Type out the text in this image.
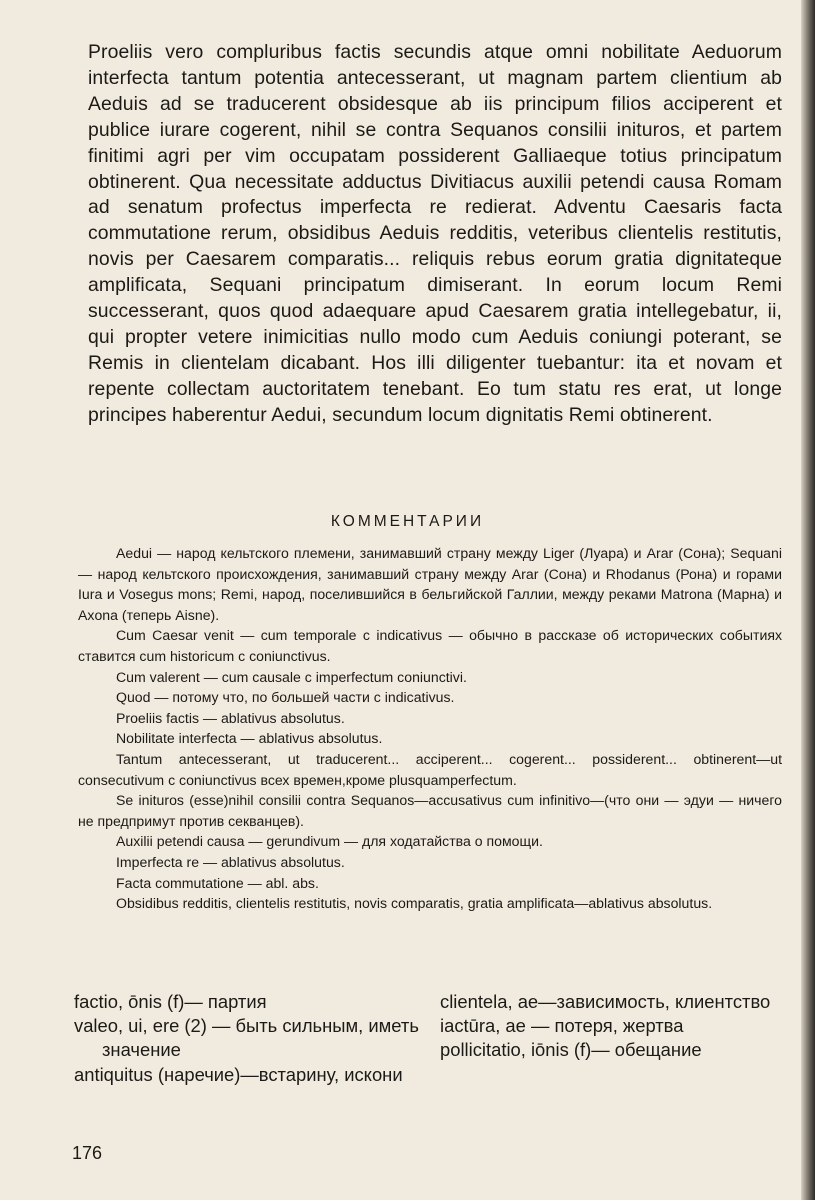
Proeliis vero compluribus factis secundis atque omni nobilitate Aeduorum interfecta tantum potentia antecesserant, ut magnam partem clientium ab Aeduis ad se traducerent obsidesque ab iis principum filios acciperent et publice iurare cogerent, nihil se contra Sequanos consilii inituros, et partem finitimi agri per vim occupatam possiderent Galliaeque totius principatum obtinerent. Qua necessitate adductus Divitiacus auxilii petendi causa Romam ad senatum profectus imperfecta re redierat. Adventu Caesaris facta commutatione rerum, obsidibus Aeduis redditis, veteribus clientelis restitutis, novis per Caesarem comparatis... reliquis rebus eorum gratia dignitateque amplificata, Sequani principatum dimiserant. In eorum locum Remi successerant, quos quod adaequare apud Caesarem gratia intellegebatur, ii, qui propter vetere inimicitias nullo modo cum Aeduis coniungi poterant, se Remis in clientelam dicabant. Hos illi diligenter tuebantur: ita et novam et repente collectam auctoritatem tenebant. Eo tum statu res erat, ut longe principes haberentur Aedui, secundum locum dignitatis Remi obtinerent.

КОММЕНТАРИИ

Aedui — народ кельтского племени, занимавший страну между Liger (Луара) и Arar (Сона); Sequani — народ кельтского происхождения, занимавший страну между Arar (Сона) и Rhodanus (Рона) и горами Iura и Vosegus mons; Remi, народ, поселившийся в бельгийской Галлии, между реками Matrona (Марна) и Axona (теперь Aisne).

Cum Caesar venit — cum temporale с indicativus — обычно в рассказе об исторических событиях ставится cum historicum с coniunctivus.

Cum valerent — cum causale с imperfectum coniunctivi.

Quod — потому что, по большей части с indicativus.

Proeliis factis — ablativus absolutus.

Nobilitate interfecta — ablativus absolutus.

Tantum antecesserant, ut traducerent... acciperent... cogerent... possiderent... obtinerent—ut consecutivum с coniunctivus всех времен,кроме plusquamperfectum.

Se inituros (esse)nihil consilii contra Sequanos—accusativus cum infinitivo—(что они — эдуи — ничего не предпримут против секванцев).

Auxilii petendi causa — gerundivum — для ходатайства о помощи.

Imperfecta re — ablativus absolutus.

Facta commutatione — abl. abs.

Obsidibus redditis, clientelis restitutis, novis comparatis, gratia amplificata—ablativus absolutus.

factio, ōnis (f)— партия
valeo, ui, ere (2) — быть сильным, иметь значение
antiquitus (наречие)—встарину, искони
clientela, ae—зависимость, клиентство
iactūra, ae — потеря, жертва
pollicitatio, iōnis (f)— обещание
176
